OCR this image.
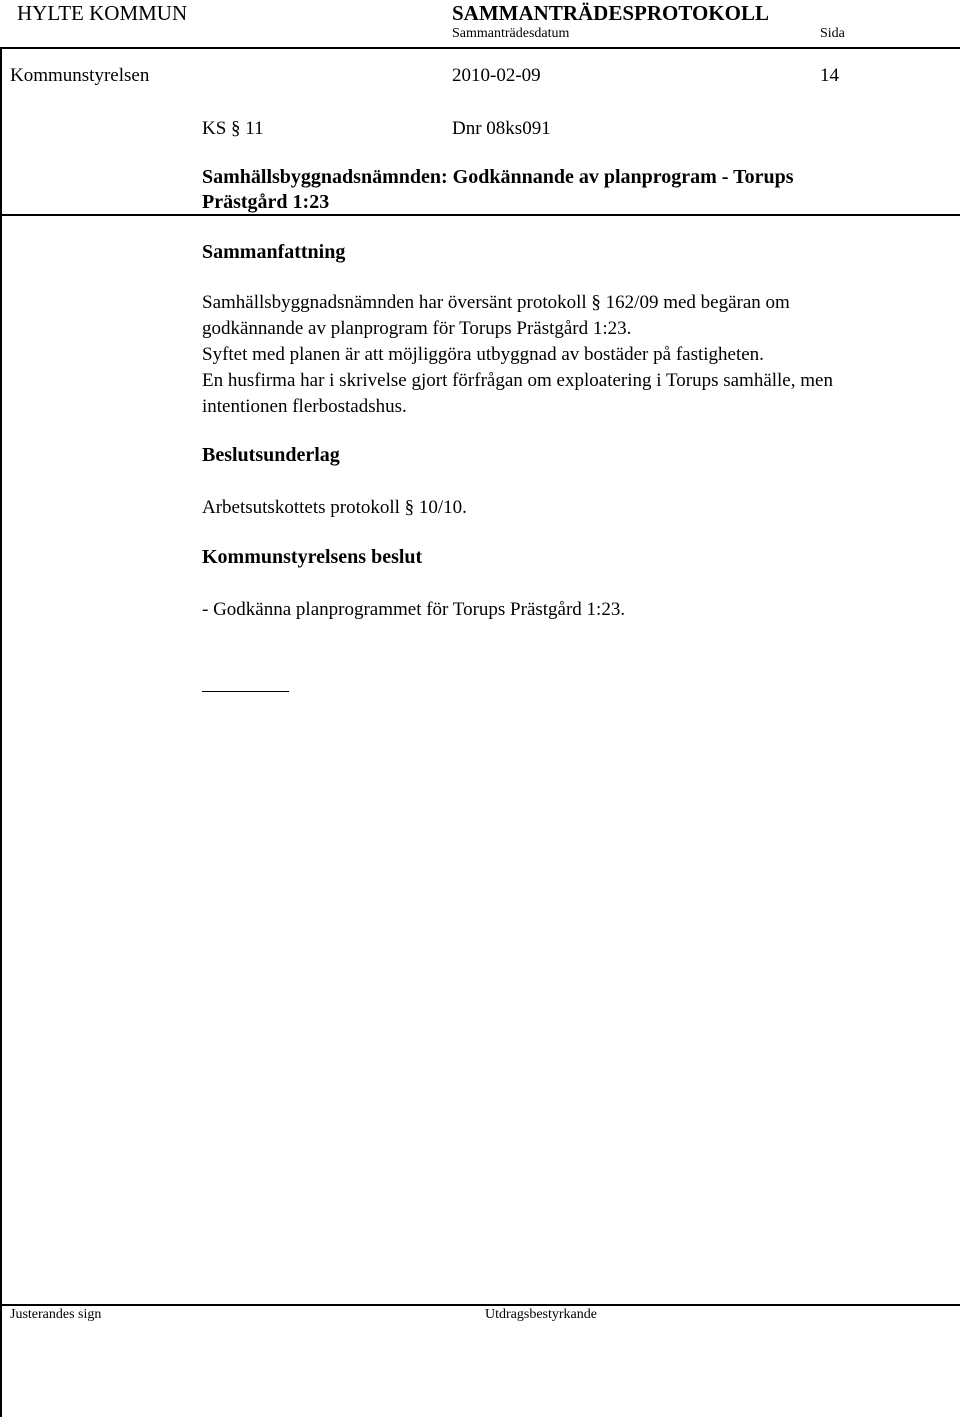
HYLTE KOMMUN	SAMMANTRÄDESPROTOKOLL
Sammanträdesdatum	Sida
Kommunstyrelsen	2010-02-09	14
KS § 11	Dnr 08ks091
Samhällsbyggnadsnämnden: Godkännande av planprogram - Torups
Prästgård 1:23
Sammanfattning
Samhällsbyggnadsnämnden har översänt protokoll § 162/09 med begäran om
godkännande av planprogram för Torups Prästgård 1:23.
Syftet med planen är att möjliggöra utbyggnad av bostäder på fastigheten.
En husfirma har i skrivelse gjort förfrågan om exploatering i Torups samhälle, men
intentionen flerbostadshus.
Beslutsunderlag
Arbetsutskottets protokoll § 10/10.
Kommunstyrelsens beslut
- Godkänna planprogrammet för Torups Prästgård 1:23.
Justerandes sign	Utdragsbestyrkande
